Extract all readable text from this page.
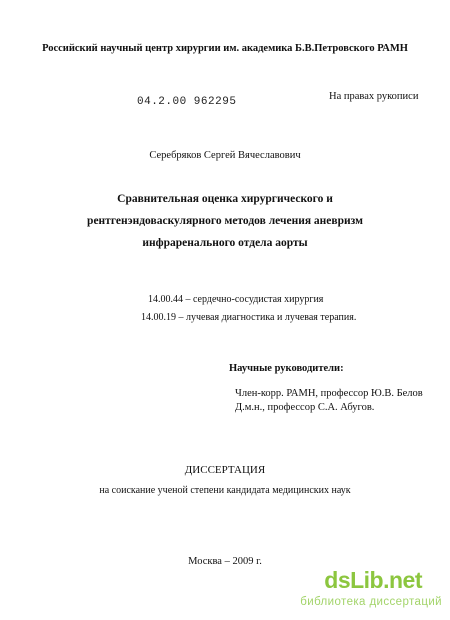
Российский научный центр хирургии им. академика Б.В.Петровского РАМН
04.2.00 962295	На правах рукописи
Серебряков Сергей Вячеславович
Сравнительная оценка хирургического и
рентгенэндоваскулярного методов лечения аневризм
инфраренального отдела аорты
14.00.44 – сердечно-сосудистая хирургия
14.00.19 – лучевая диагностика и лучевая терапия.
Научные руководители:
Член-корр. РАМН, профессор Ю.В. Белов
Д.м.н., профессор С.А. Абугов.
ДИССЕРТАЦИЯ
на соискание ученой степени кандидата медицинских наук
Москва – 2009 г.
dsLib.net
библиотека диссертаций
